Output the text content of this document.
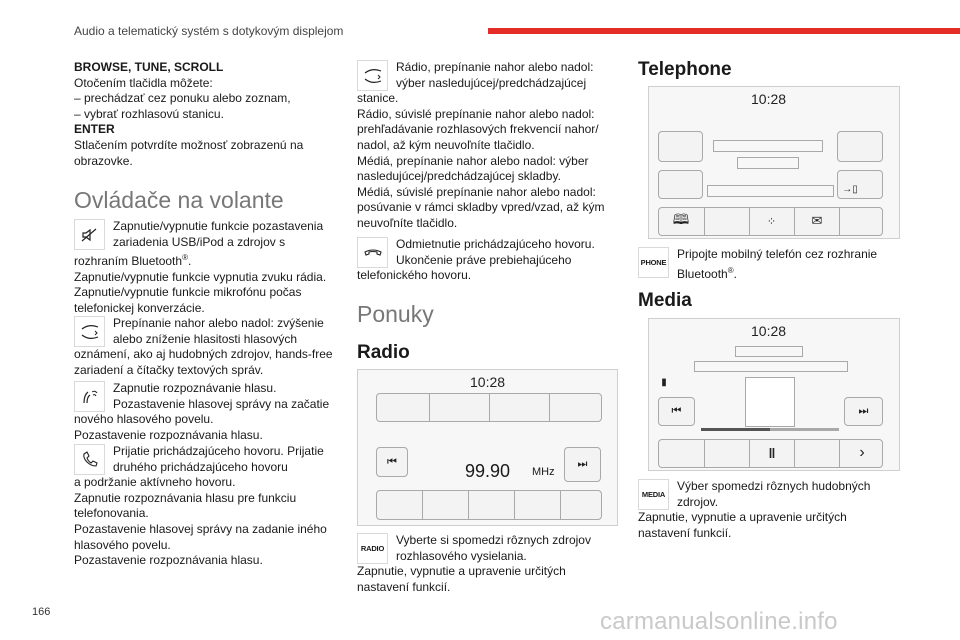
Audio a telematický systém s dotykovým displejom

BROWSE, TUNE, SCROLL

Otočením tlačidla môžete:

– prechádzať cez ponuku alebo zoznam,

– vybrať rozhlasovú stanicu.

ENTER

Stlačením potvrdíte možnosť zobrazenú na obrazovke.

Ovládače na volante

Zapnutie/vypnutie funkcie pozastavenia zariadenia USB/iPod a zdrojov s

rozhraním Bluetooth®.

Zapnutie/vypnutie funkcie vypnutia zvuku rádia.

Zapnutie/vypnutie funkcie mikrofónu počas telefonickej konverzácie.

Prepínanie nahor alebo nadol: zvýšenie alebo zníženie hlasitosti hlasových

oznámení, ako aj hudobných zdrojov, hands-free zariadení a čítačky textových správ.

Zapnutie rozpoznávanie hlasu. Pozastavenie hlasovej správy na začatie

nového hlasového povelu.

Pozastavenie rozpoznávania hlasu.

Prijatie prichádzajúceho hovoru. Prijatie druhého prichádzajúceho hovoru

a podržanie aktívneho hovoru.

Zapnutie rozpoznávania hlasu pre funkciu telefonovania.

Pozastavenie hlasovej správy na zadanie iného hlasového povelu.

Pozastavenie rozpoznávania hlasu.

Rádio, prepínanie nahor alebo nadol: výber nasledujúcej/predchádzajúcej

stanice.

Rádio, súvislé prepínanie nahor alebo nadol: prehľadávanie rozhlasových frekvencií nahor/ nadol, až kým neuvoľníte tlačidlo.

Médiá, prepínanie nahor alebo nadol: výber nasledujúcej/predchádzajúcej skladby.

Médiá, súvislé prepínanie nahor alebo nadol: posúvanie v rámci skladby vpred/vzad, až kým neuvoľníte tlačidlo.

Odmietnutie prichádzajúceho hovoru. Ukončenie práve prebiehajúceho

telefonického hovoru.

Ponuky
Radio
10:28
⏮	99.90 MHz
⏭
RADIO

Vyberte si spomedzi rôznych zdrojov rozhlasového vysielania.

Zapnutie, vypnutie a upravenie určitých nastavení funkcií.

Telephone
10:28
→▯
🕮	⁘	✉
PHONE

Pripojte mobilný telefón cez rozhranie Bluetooth®.

Media
10:28
▮
⏮	⏭
ǁ	›
MEDIA

Výber spomedzi rôznych hudobných zdrojov.

Zapnutie, vypnutie a upravenie určitých nastavení funkcií.

166	carmanualsonline.info
